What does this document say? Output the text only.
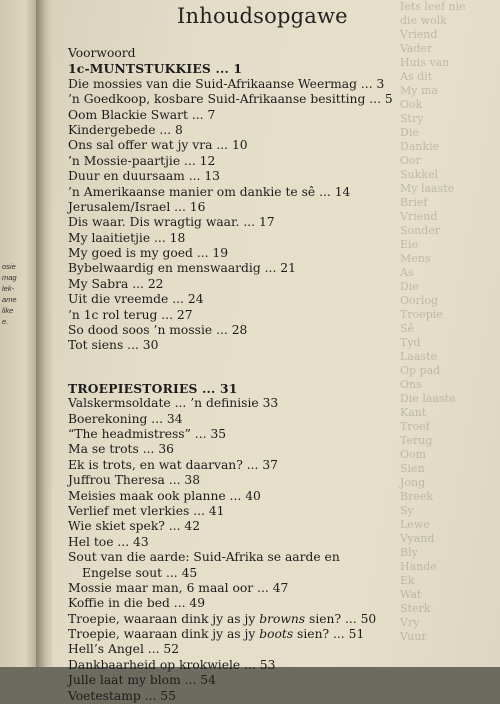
osie
mag
lek-
ame
like
e.
Iets leef nie
die wolk
Vriend
Vader
Huis van
As dit
My ma
Ook
Stry
Die
Dankie
Oor
Sukkel
My laaste
Brief
Vriend
Sonder
Eie
Mens
As
Die
Oorlog
Troepie
Sê
Tyd
Laaste
Op pad
Ons
Die laaste
Kant
Troef
Terug
Oom
Sien
Jong
Breek
Sy
Lewe
Vyand
Bly
Hande
Ek
Wat
Sterk
Vry
Vuur
Inhoudsopgawe
Voorwoord
1c-MUNTSTUKKIES ... 1
Die mossies van die Suid-Afrikaanse Weermag ... 3
’n Goedkoop, kosbare Suid-Afrikaanse besitting ... 5
Oom Blackie Swart ... 7
Kindergebede ... 8
Ons sal offer wat jy vra ... 10
’n Mossie-paartjie ... 12
Duur en duursaam ... 13
’n Amerikaanse manier om dankie te sê ... 14
Jerusalem/Israel ... 16
Dis waar. Dis wragtig waar. ... 17
My laaitietjie ... 18
My goed is my goed ... 19
Bybelwaardig en menswaardig ... 21
My Sabra ... 22
Uit die vreemde ... 24
’n 1c rol terug ... 27
So dood soos ’n mossie ... 28
Tot siens ... 30
TROEPIESTORIES ... 31
Valskermsoldate ... ’n definisie 33
Boerekoning ... 34
“The headmistress” ... 35
Ma se trots ... 36
Ek is trots, en wat daarvan? ... 37
Juffrou Theresa ... 38
Meisies maak ook planne ... 40
Verlief met vlerkies ... 41
Wie skiet spek? ... 42
Hel toe ... 43
Sout van die aarde: Suid-Afrika se aarde en
Engelse sout ... 45
Mossie maar man, 6 maal oor ... 47
Koffie in die bed ... 49
Troepie, waaraan dink jy as jy browns sien? ... 50
Troepie, waaraan dink jy as jy boots sien? ... 51
Hell’s Angel ... 52
Dankbaarheid op krokwiele ... 53
Julle laat my blom ... 54
Voetestamp ... 55
